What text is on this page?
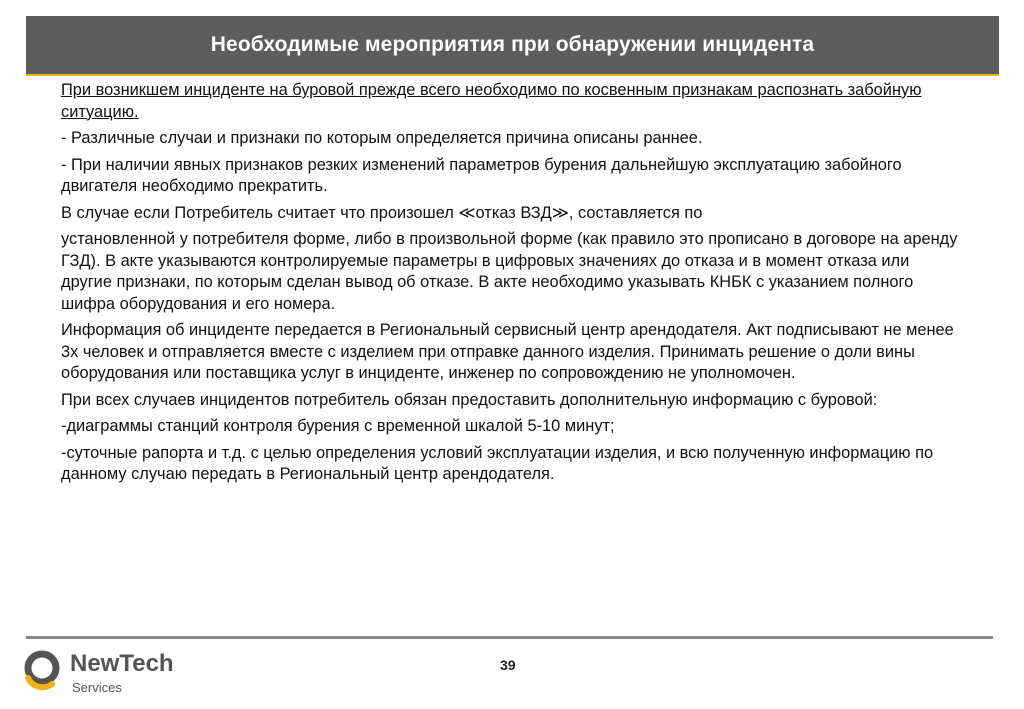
Необходимые мероприятия при обнаружении инцидента

При возникшем инциденте на буровой прежде всего необходимо по косвенным признакам распознать забойную ситуацию.

- Различные случаи и признаки по которым определяется причина описаны раннее.

- При наличии явных признаков резких изменений параметров бурения дальнейшую эксплуатацию забойного двигателя необходимо прекратить.

В случае если Потребитель считает что произошел ≪отказ ВЗД≫, составляется по

установленной у потребителя форме, либо в произвольной форме (как правило это прописано в договоре на аренду ГЗД). В акте указываются контролируемые параметры в цифровых значениях до отказа и в момент отказа или другие признаки, по которым сделан вывод об отказе. В акте необходимо указывать КНБК с указанием полного шифра оборудования и его номера.

Информация об инциденте передается в Региональный сервисный центр арендодателя. Акт подписывают не менее 3х человек и отправляется вместе с изделием при отправке данного изделия. Принимать решение о доли вины оборудования или поставщика услуг в инциденте, инженер по сопровождению не уполномочен.

При всех случаев инцидентов потребитель обязан предоставить дополнительную информацию с буровой:

-диаграммы станций контроля бурения с временной шкалой 5-10 минут;

-суточные рапорта и т.д. с целью определения условий эксплуатации изделия, и всю полученную информацию по данному случаю передать в Региональный центр арендодателя.

NewTech
Services
39
